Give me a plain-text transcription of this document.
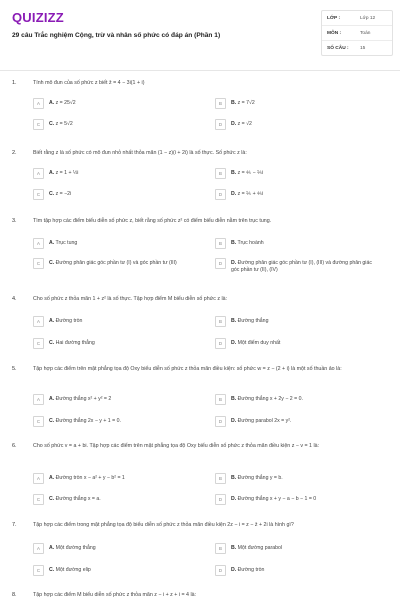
QUIZIZZ
29 câu Trắc nghiệm Cộng, trừ và nhân số phức có đáp án (Phần 1)
LỚP :	Lớp 12
MÔN :	Toán
SỐ CÂU :	15
1.	Tính mô đun của số phức z biết z̄ = 4 − 3i(1 + i)
A	A. z = 25√2	B	B. z = 7√2
C	C. z = 5√2	D	D. z = √2
2.	Biết rằng z là số phức có mô đun nhỏ nhất thỏa mãn (1 − z)(i + 2i) là số thực. Số phức z là:
A	A. z = 1 + ½i	B	B. z = ⅘ − ⅖i
C	C. z = −2i	D	D. z = ⅖ + ⅘i
3.	Tìm tập hợp các điểm biểu diễn số phức z, biết rằng số phức z² có điểm biểu diễn nằm trên trục tung.
A	A. Trục tung	B	B. Trục hoành
C	C. Đường phân giác góc phần tư (I) và góc phần tư (III)	D	D. Đường phân giác góc phần tư (I), (III) và đường phân giác góc phần tư (II), (IV)
4.	Cho số phức z thỏa mãn 1 + z² là số thực. Tập hợp điểm M biểu diễn số phức z là:
A	A. Đường tròn	B	B. Đường thẳng
C	C. Hai đường thẳng	D	D. Một điểm duy nhất
5.	Tập hợp các điểm trên mặt phẳng tọa độ Oxy biểu diễn số phức z thỏa mãn điều kiện: số phức w = z − (2 + i) là một số thuần ảo là:
A	A. Đường thẳng x² + y² = 2	B	B. Đường thẳng x + 2y − 2 = 0.
C	C. Đường thẳng 2x − y + 1 = 0.	D	D. Đường parabol 2x = y².
6.	Cho số phức v = a + bi. Tập hợp các điểm trên mặt phẳng tọa độ Oxy biểu diễn số phức z thỏa mãn điều kiện z − v = 1 là:
A	A. Đường tròn x − a² + y − b² = 1	B	B. Đường thẳng y = b.
C	C. Đường thẳng x = a.	D	D. Đường thẳng x + y − a − b − 1 = 0
7.	Tập hợp các điểm trong mặt phẳng tọa độ biểu diễn số phức z thỏa mãn điều kiện 2z − i = z − z̄ + 2i là hình gì?
A	A. Một đường thẳng	B	B. Một đường parabol
C	C. Một đường elip	D	D. Đường tròn
8.	Tập hợp các điểm M biểu diễn số phức z thỏa mãn z − i + z + i = 4 là:
